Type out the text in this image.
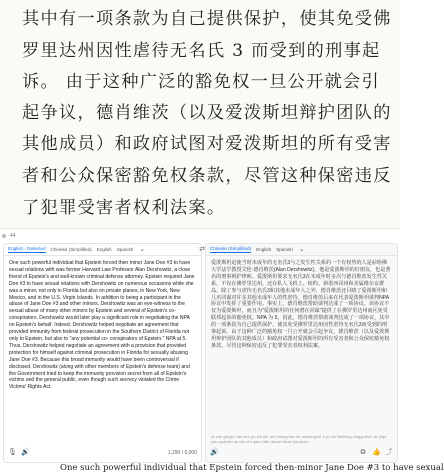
其中有一项条款为自己提供保护，使其免受佛
罗里达州因性虐待无名氏 3 而受到的刑事起
诉。 由于这种广泛的豁免权一旦公开就会引
起争议，德肖维茨（以及爱泼斯坦辩护团队的
其他成员）和政府试图对爱泼斯坦的所有受害
者和公众保密豁免权条款，尽管这种保密违反
了犯罪受害者权利法案。
44
English - Detected Chinese (Simplified) English Spanish ⌄	⇄
One such powerful individual that Epstein forced then minor Jane Doe #3 to have sexual relations with was former Harvard Law Professor Alan Dershowitz, a close friend of Epstein's and well-known criminal defense attorney. Epstein required Jane Doe #3 to have sexual relations with Dershowitz on numerous occasions while she was a minor, not only in Florida but also on private planes, in New York, New Mexico, and in the U.S. Virgin Islands. In addition to being a participant in the abuse of Jane Doe #3 and other minors, Dershowitz was an eye-witness to the sexual abuse of many other minors by Epstein and several of Epstein's co-conspirators. Dershowitz would later play a significant role in negotiating the NPA on Epstein's behalf. Indeed, Dershowitz helped negotiate an agreement that provided immunity from federal prosecution in the Southern District of Florida not only to Epstein, but also to "any potential co- conspirators of Epstein." NPA at 5. Thus, Dershowitz helped negotiate an agreement with a provision that provided protection for himself against criminal prosecution in Florida for sexually abusing Jane Doe #3. Because this broad immunity would have been controversial if disclosed, Dershowitz (along with other members of Epstein's defense team) and the Government tried to keep the immunity provision secret from all of Epstein's victims and the general public, even though such secrecy violated the Crime Victims' Rights Act.
🎙 🔊	1,290 / 5,000
Chinese (Simplified) English Spanish ⌄
爱泼斯坦迫使当时未成年的无名氏3与之发生性关系的一个有权势的人是前哈佛大学法学教授艾伦·德肖维茨(Alan Dershowitz)，他是爱泼斯坦的好朋友，也是著名的刑事辩护律师。爱泼斯坦要求无名氏3在未成年时多次与德肖维茨发生性关系，不仅在佛罗里达州，还在私人飞机上、纽约、新墨西哥州和美属维尔京群岛。除了参与虐待无名氏3和其他未成年人之外，德肖维茨还目睹了爱泼斯坦和几名同谋对许多其他未成年人的性虐待。德肖维茨后来在代表爱泼斯坦谈判NPA 协议中发挥了重要作用。事实上，德肖维茨帮助谈判达成了一项协议，该协议不仅为爱泼斯坦，而且为"爱泼斯坦的任何潜在同谋"提供了在佛罗里达州南区免受联邦起诉的豁免权。NPA 为 5。因此，德肖维茨帮助谈判达成了一项协议，其中的一项条款为自己提供保护，使其免受佛罗里达州因性虐待无名氏3而受到的刑事起诉。由于这种广泛的豁免权一旦公开就会引起争议，德肖维茨（以及爱泼斯坦辩护团队的其他成员）和政府试图对爱泼斯坦的所有受害者和公众保密豁免权条款，尽管这种保密违反了犯罪受害者权利法案。
Ai zhè gāopò hǎo bèn pò shì shí wèi chéngnián de wúmíngshì 3 yǔ zhī fāshēng xìngguānxì de yīgè yǒu quánshì de rén shì qián hāfó dàxué fǎxué jiàoshòu...
🔊	⧉ 👍 ⤴
One such powerful individual that Epstein forced then-minor Jane Doe #3 to have sexual
